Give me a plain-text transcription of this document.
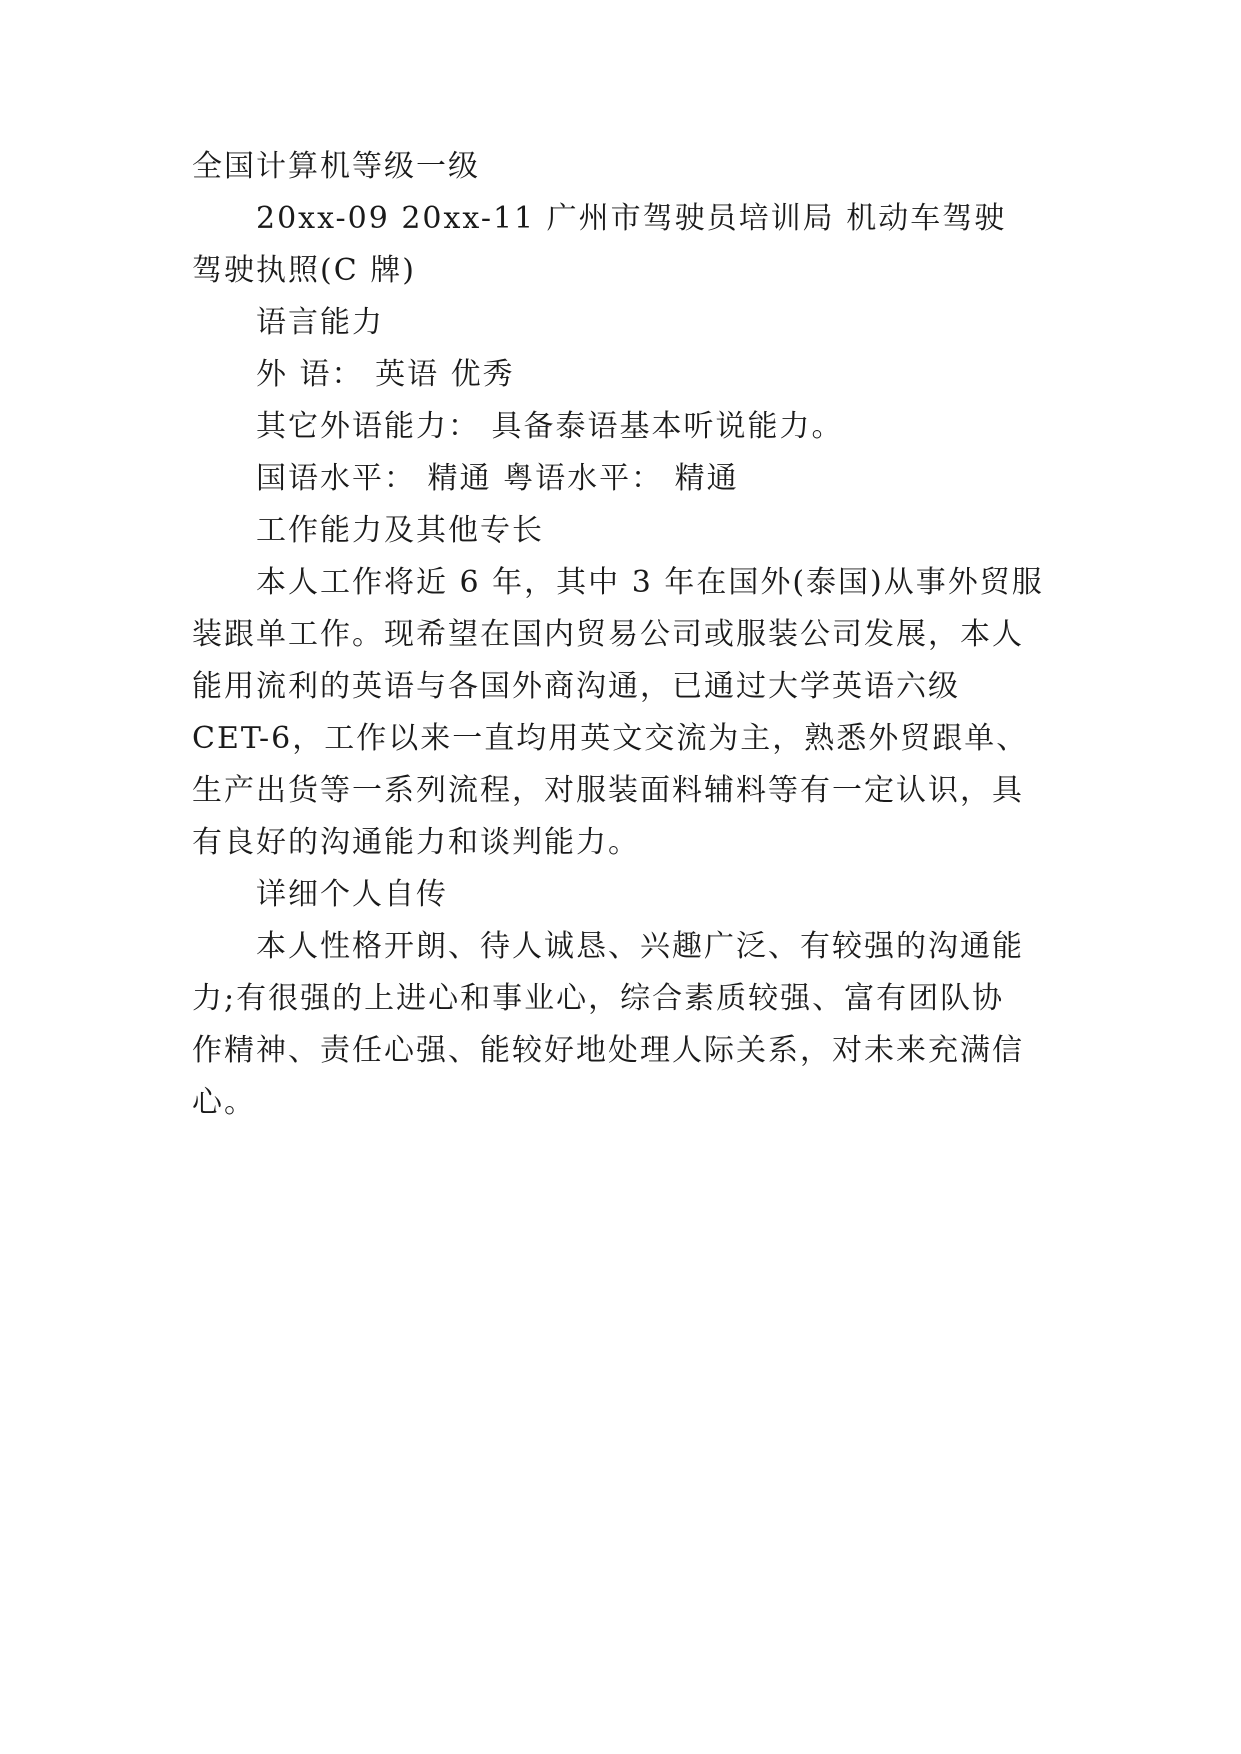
全国计算机等级一级
20xx-09 20xx-11 广州市驾驶员培训局 机动车驾驶
驾驶执照(C 牌)
语言能力
外 语： 英语 优秀
其它外语能力： 具备泰语基本听说能力。
国语水平： 精通 粤语水平： 精通
工作能力及其他专长
本人工作将近 6 年，其中 3 年在国外(泰国)从事外贸服
装跟单工作。现希望在国内贸易公司或服装公司发展，本人
能用流利的英语与各国外商沟通，已通过大学英语六级
CET-6，工作以来一直均用英文交流为主，熟悉外贸跟单、
生产出货等一系列流程，对服装面料辅料等有一定认识，具
有良好的沟通能力和谈判能力。
详细个人自传
本人性格开朗、待人诚恳、兴趣广泛、有较强的沟通能
力;有很强的上进心和事业心，综合素质较强、富有团队协
作精神、责任心强、能较好地处理人际关系，对未来充满信
心。
